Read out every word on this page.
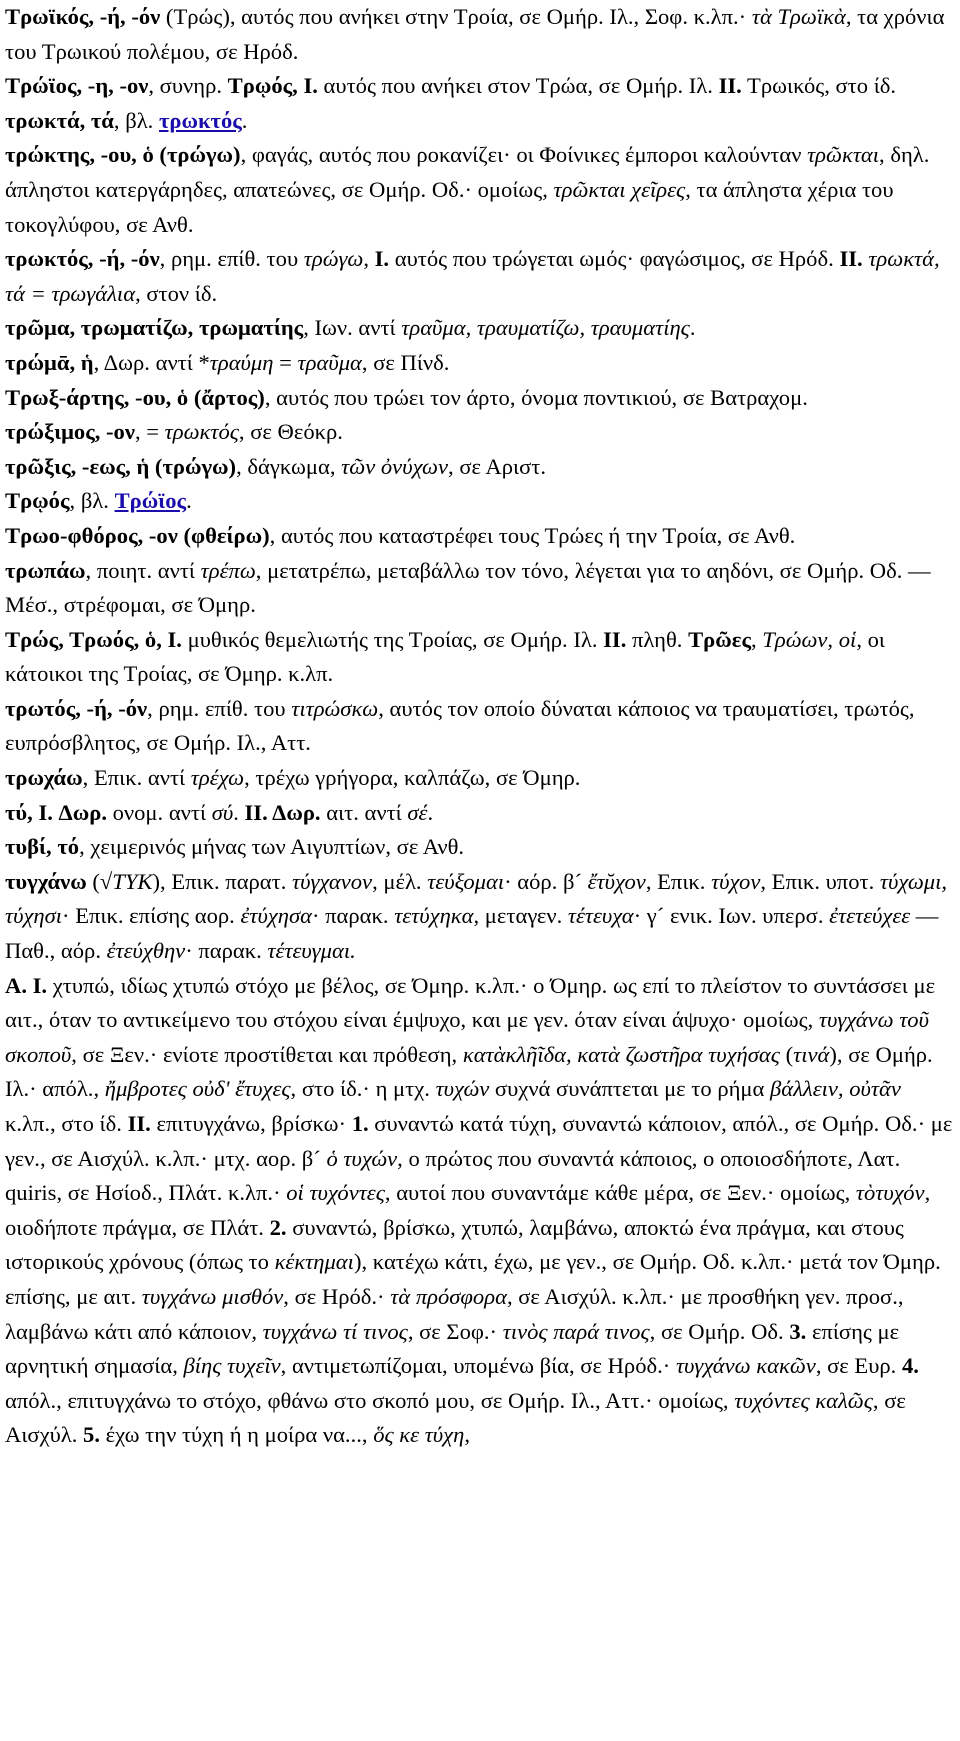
Τρωϊκός, -ή, -όν (Τρώς), αυτός που ανήκει στην Τροία, σε Ομήρ. Ιλ., Σοφ. κ.λπ.· τὰ Τρωϊκὰ, τα χρόνια του Τρωικού πολέμου, σε Ηρόδ.

Τρώϊος, -η, -ον, συνηρ. Τρῳός, Ι. αυτός που ανήκει στον Τρώα, σε Ομήρ. Ιλ. ΙΙ. Τρωικός, στο ίδ.

τρωκτά, τά, βλ. τρωκτός.

τρώκτης, -ου, ὁ (τρώγω), φαγάς, αυτός που ροκανίζει· οι Φοίνικες έμποροι καλούνταν τρῶκται, δηλ. άπληστοι κατεργάρηδες, απατεώνες, σε Ομήρ. Οδ.· ομοίως, τρῶκται χεῖρες, τα άπληστα χέρια του τοκογλύφου, σε Ανθ.

τρωκτός, -ή, -όν, ρημ. επίθ. του τρώγω, Ι. αυτός που τρώγεται ωμός· φαγώσιμος, σε Ηρόδ. ΙΙ. τρωκτά, τά = τρωγάλια, στον ίδ.

τρῶμα, τρωματίζω, τρωματίης, Ιων. αντί τραῦμα, τραυματίζω, τραυματίης.

τρώμᾱ, ἡ, Δωρ. αντί *τραύμη = τραῦμα, σε Πίνδ.

Τρωξ-άρτης, -ου, ὁ (ἄρτος), αυτός που τρώει τον άρτο, όνομα ποντικιού, σε Βατραχομ.

τρώξιμος, -ον, = τρωκτός, σε Θεόκρ.

τρῶξις, -εως, ἡ (τρώγω), δάγκωμα, τῶν ὀνύχων, σε Αριστ.

Τρῳός, βλ. Τρώϊος.

Τρωο-φθόρος, -ον (φθείρω), αυτός που καταστρέφει τους Τρώες ή την Τροία, σε Ανθ.

τρωπάω, ποιητ. αντί τρέπω, μετατρέπω, μεταβάλλω τον τόνο, λέγεται για το αηδόνι, σε Ομήρ. Οδ. — Μέσ., στρέφομαι, σε Όμηρ.

Τρώς, Τρωός, ὁ, Ι. μυθικός θεμελιωτής της Τροίας, σε Ομήρ. Ιλ. ΙΙ. πληθ. Τρῶες, Τρώων, οἱ, οι κάτοικοι της Τροίας, σε Όμηρ. κ.λπ.

τρωτός, -ή, -όν, ρημ. επίθ. του τιτρώσκω, αυτός τον οποίο δύναται κάποιος να τραυματίσει, τρωτός, ευπρόσβλητος, σε Ομήρ. Ιλ., Αττ.

τρωχάω, Επικ. αντί τρέχω, τρέχω γρήγορα, καλπάζω, σε Όμηρ.

τύ, Ι. Δωρ. ονομ. αντί σύ. ΙΙ. Δωρ. αιτ. αντί σέ.

τυβί, τό, χειμερινός μήνας των Αιγυπτίων, σε Ανθ.

τυγχάνω (√ΤΥΚ), Επικ. παρατ. τύγχανον, μέλ. τεύξομαι· αόρ. β´ ἔτῠχον, Επικ. τύχον, Επικ. υποτ. τύχωμι, τύχησι· Επικ. επίσης αορ. ἐτύχησα· παρακ. τετύχηκα, μεταγεν. τέτευχα· γ´ ενικ. Ιων. υπερσ. ἐτετεύχεε — Παθ., αόρ. ἐτεύχθην· παρακ. τέτευγμαι.

Α. Ι. χτυπώ, ιδίως χτυπώ στόχο με βέλος, σε Όμηρ. κ.λπ.· ο Όμηρ. ως επί το πλείστον το συντάσσει με αιτ., όταν το αντικείμενο του στόχου είναι έμψυχο, και με γεν. όταν είναι άψυχο· ομοίως, τυγχάνω τοῦ σκοποῦ, σε Ξεν.· ενίοτε προστίθεται και πρόθεση, κατὰκλῆῖδα, κατὰ ζωστῆρα τυχήσας (τινά), σε Ομήρ. Ιλ.· απόλ., ἤμβροτες οὐδ' ἔτυχες, στο ίδ.· η μτχ. τυχών συχνά συνάπτεται με το ρήμα βάλλειν, οὐτᾶν κ.λπ., στο ίδ. ΙΙ. επιτυγχάνω, βρίσκω· 1. συναντώ κατά τύχη, συναντώ κάποιον, απόλ., σε Ομήρ. Οδ.· με γεν., σε Αισχύλ. κ.λπ.· μτχ. αορ. β´ ὁ τυχών, ο πρώτος που συναντά κάποιος, ο οποιοσδήποτε, Λατ. quiris, σε Ησίοδ., Πλάτ. κ.λπ.· οἱ τυχόντες, αυτοί που συναντάμε κάθε μέρα, σε Ξεν.· ομοίως, τὸτυχόν, οιοδήποτε πράγμα, σε Πλάτ. 2. συναντώ, βρίσκω, χτυπώ, λαμβάνω, αποκτώ ένα πράγμα, και στους ιστορικούς χρόνους (όπως το κέκτημαι), κατέχω κάτι, έχω, με γεν., σε Ομήρ. Οδ. κ.λπ.· μετά τον Όμηρ. επίσης, με αιτ. τυγχάνω μισθόν, σε Ηρόδ.· τὰ πρόσφορα, σε Αισχύλ. κ.λπ.· με προσθήκη γεν. προσ., λαμβάνω κάτι από κάποιον, τυγχάνω τί τινος, σε Σοφ.· τινὸς παρά τινος, σε Ομήρ. Οδ. 3. επίσης με αρνητική σημασία, βίης τυχεῖν, αντιμετωπίζομαι, υπομένω βία, σε Ηρόδ.· τυγχάνω κακῶν, σε Ευρ. 4. απόλ., επιτυγχάνω το στόχο, φθάνω στο σκοπό μου, σε Ομήρ. Ιλ., Αττ.· ομοίως, τυχόντες καλῶς, σε Αισχύλ. 5. έχω την τύχη ή η μοίρα να..., ὅς κε τύχη,
